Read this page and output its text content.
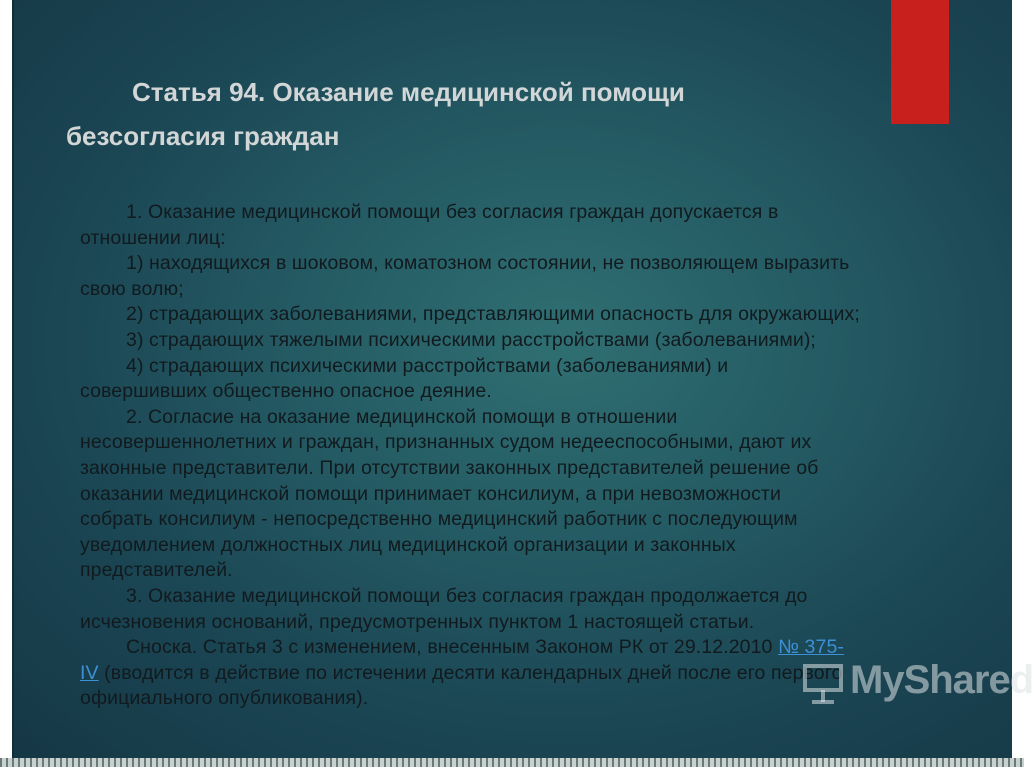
Статья 94. Оказание медицинской помощи
безсогласия граждан
1. Оказание медицинской помощи без согласия граждан допускается в
отношении лиц:
1) находящихся в шоковом, коматозном состоянии, не позволяющем выразить
свою волю;
2) страдающих заболеваниями, представляющими опасность для окружающих;
3) страдающих тяжелыми психическими расстройствами (заболеваниями);
4) страдающих психическими расстройствами (заболеваниями) и
совершивших общественно опасное деяние.
2. Согласие на оказание медицинской помощи в отношении
несовершеннолетних и граждан, признанных судом недееспособными, дают их
законные представители. При отсутствии законных представителей решение об
оказании медицинской помощи принимает консилиум, а при невозможности
собрать консилиум - непосредственно медицинский работник с последующим
уведомлением должностных лиц медицинской организации и законных
представителей.
3. Оказание медицинской помощи без согласия граждан продолжается до
исчезновения оснований, предусмотренных пунктом 1 настоящей статьи.
Сноска. Статья 3 с изменением, внесенным Законом РК от 29.12.2010 № 375-
IV (вводится в действие по истечении десяти календарных дней после его первого
официального опубликования).	MyShared
